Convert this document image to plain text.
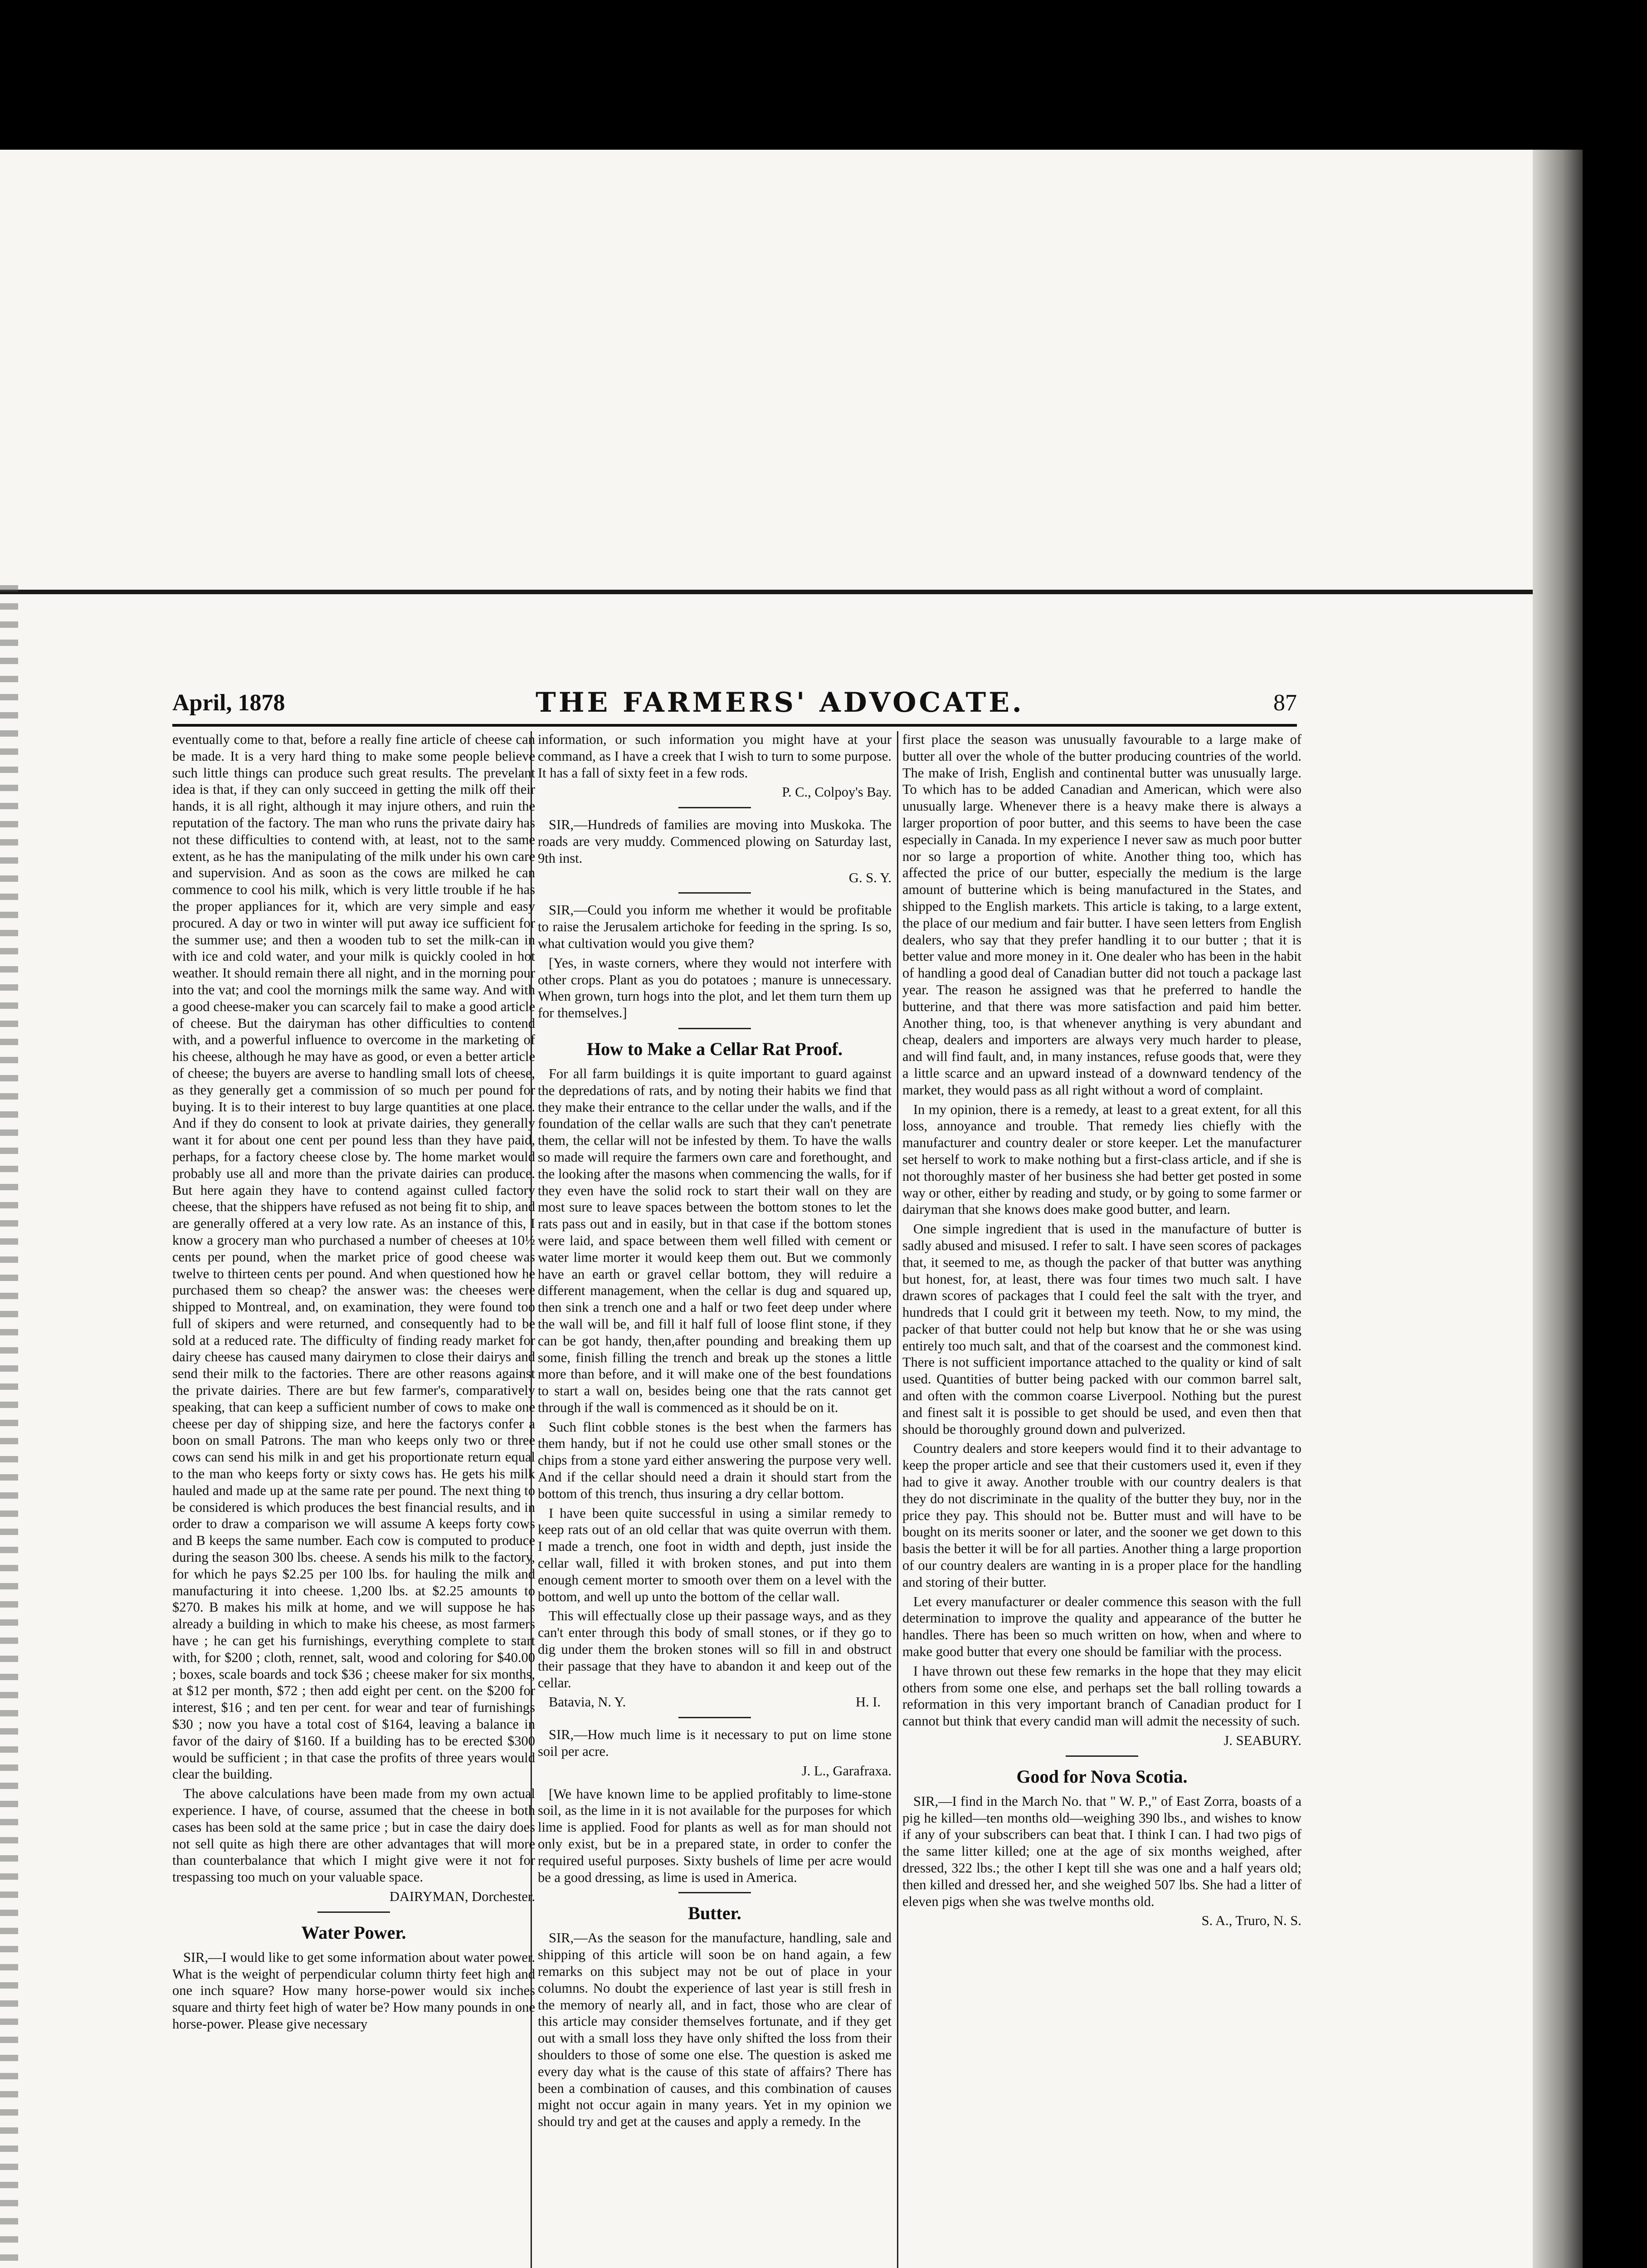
April, 1878	THE FARMERS' ADVOCATE.	87

eventually come to that, before a really fine article of cheese can be made. It is a very hard thing to make some people believe such little things can produce such great results. The prevelant idea is that, if they can only succeed in getting the milk off their hands, it is all right, although it may injure others, and ruin the reputation of the factory. The man who runs the private dairy has not these difficulties to contend with, at least, not to the same extent, as he has the manipulating of the milk under his own care and supervision. And as soon as the cows are milked he can commence to cool his milk, which is very little trouble if he has the proper appliances for it, which are very simple and easy procured. A day or two in winter will put away ice sufficient for the summer use; and then a wooden tub to set the milk-can in with ice and cold water, and your milk is quickly cooled in hot weather. It should remain there all night, and in the morning pour into the vat; and cool the mornings milk the same way. And with a good cheese-maker you can scarcely fail to make a good article of cheese. But the dairyman has other difficulties to contend with, and a powerful influence to overcome in the marketing of his cheese, although he may have as good, or even a better article of cheese; the buyers are averse to handling small lots of cheese, as they generally get a commission of so much per pound for buying. It is to their interest to buy large quantities at one place. And if they do consent to look at private dairies, they generally want it for about one cent per pound less than they have paid, perhaps, for a factory cheese close by. The home market would probably use all and more than the private dairies can produce. But here again they have to contend against culled factory cheese, that the shippers have refused as not being fit to ship, and are generally offered at a very low rate. As an instance of this, I know a grocery man who purchased a number of cheeses at 10½ cents per pound, when the market price of good cheese was twelve to thirteen cents per pound. And when questioned how he purchased them so cheap? the answer was: the cheeses were shipped to Montreal, and, on examination, they were found too full of skipers and were returned, and consequently had to be sold at a reduced rate. The difficulty of finding ready market for dairy cheese has caused many dairymen to close their dairys and send their milk to the factories. There are other reasons against the private dairies. There are but few farmer's, comparatively speaking, that can keep a sufficient number of cows to make one cheese per day of shipping size, and here the factorys confer a boon on small Patrons. The man who keeps only two or three cows can send his milk in and get his proportionate return equal to the man who keeps forty or sixty cows has. He gets his milk hauled and made up at the same rate per pound. The next thing to be considered is which produces the best financial results, and in order to draw a comparison we will assume A keeps forty cows and B keeps the same number. Each cow is computed to produce during the season 300 lbs. cheese. A sends his milk to the factory, for which he pays $2.25 per 100 lbs. for hauling the milk and manufacturing it into cheese. 1,200 lbs. at $2.25 amounts to $270. B makes his milk at home, and we will suppose he has already a building in which to make his cheese, as most farmers have ; he can get his furnishings, everything complete to start with, for $200 ; cloth, rennet, salt, wood and coloring for $40.00 ; boxes, scale boards and tock $36 ; cheese maker for six months, at $12 per month, $72 ; then add eight per cent. on the $200 for interest, $16 ; and ten per cent. for wear and tear of furnishings $30 ; now you have a total cost of $164, leaving a balance in favor of the dairy of $160. If a building has to be erected $300 would be sufficient ; in that case the profits of three years would clear the building.

The above calculations have been made from my own actual experience. I have, of course, assumed that the cheese in both cases has been sold at the same price ; but in case the dairy does not sell quite as high there are other advantages that will more than counterbalance that which I might give were it not for trespassing too much on your valuable space.

DAIRYMAN, Dorchester.

Water Power.

SIR,—I would like to get some information about water power. What is the weight of perpendicular column thirty feet high and one inch square? How many horse-power would six inches square and thirty feet high of water be? How many pounds in one horse-power. Please give necessary

information, or such information you might have at your command, as I have a creek that I wish to turn to some purpose. It has a fall of sixty feet in a few rods.

P. C., Colpoy's Bay.

SIR,—Hundreds of families are moving into Muskoka. The roads are very muddy. Commenced plowing on Saturday last, 9th inst.

G. S. Y.

SIR,—Could you inform me whether it would be profitable to raise the Jerusalem artichoke for feeding in the spring. Is so, what cultivation would you give them?

[Yes, in waste corners, where they would not interfere with other crops. Plant as you do potatoes ; manure is unnecessary. When grown, turn hogs into the plot, and let them turn them up for themselves.]

How to Make a Cellar Rat Proof.

For all farm buildings it is quite important to guard against the depredations of rats, and by noting their habits we find that they make their entrance to the cellar under the walls, and if the foundation of the cellar walls are such that they can't penetrate them, the cellar will not be infested by them. To have the walls so made will require the farmers own care and forethought, and the looking after the masons when commencing the walls, for if they even have the solid rock to start their wall on they are most sure to leave spaces between the bottom stones to let the rats pass out and in easily, but in that case if the bottom stones were laid, and space between them well filled with cement or water lime morter it would keep them out. But we commonly have an earth or gravel cellar bottom, they will reduire a different management, when the cellar is dug and squared up, then sink a trench one and a half or two feet deep under where the wall will be, and fill it half full of loose flint stone, if they can be got handy, then,after pounding and breaking them up some, finish filling the trench and break up the stones a little more than before, and it will make one of the best foundations to start a wall on, besides being one that the rats cannot get through if the wall is commenced as it should be on it.

Such flint cobble stones is the best when the farmers has them handy, but if not he could use other small stones or the chips from a stone yard either answering the purpose very well. And if the cellar should need a drain it should start from the bottom of this trench, thus insuring a dry cellar bottom.

I have been quite successful in using a similar remedy to keep rats out of an old cellar that was quite overrun with them. I made a trench, one foot in width and depth, just inside the cellar wall, filled it with broken stones, and put into them enough cement morter to smooth over them on a level with the bottom, and well up unto the bottom of the cellar wall.

This will effectually close up their passage ways, and as they can't enter through this body of small stones, or if they go to dig under them the broken stones will so fill in and obstruct their passage that they have to abandon it and keep out of the cellar.

Batavia, N. Y.	H. I.

SIR,—How much lime is it necessary to put on lime stone soil per acre.

J. L., Garafraxa.

[We have known lime to be applied profitably to lime-stone soil, as the lime in it is not available for the purposes for which lime is applied. Food for plants as well as for man should not only exist, but be in a prepared state, in order to confer the required useful purposes. Sixty bushels of lime per acre would be a good dressing, as lime is used in America.

Butter.

SIR,—As the season for the manufacture, handling, sale and shipping of this article will soon be on hand again, a few remarks on this subject may not be out of place in your columns. No doubt the experience of last year is still fresh in the memory of nearly all, and in fact, those who are clear of this article may consider themselves fortunate, and if they get out with a small loss they have only shifted the loss from their shoulders to those of some one else. The question is asked me every day what is the cause of this state of affairs? There has been a combination of causes, and this combination of causes might not occur again in many years. Yet in my opinion we should try and get at the causes and apply a remedy. In the

first place the season was unusually favourable to a large make of butter all over the whole of the butter producing countries of the world. The make of Irish, English and continental butter was unusually large. To which has to be added Canadian and American, which were also unusually large. Whenever there is a heavy make there is always a larger proportion of poor butter, and this seems to have been the case especially in Canada. In my experience I never saw as much poor butter nor so large a proportion of white. Another thing too, which has affected the price of our butter, especially the medium is the large amount of butterine which is being manufactured in the States, and shipped to the English markets. This article is taking, to a large extent, the place of our medium and fair butter. I have seen letters from English dealers, who say that they prefer handling it to our butter ; that it is better value and more money in it. One dealer who has been in the habit of handling a good deal of Canadian butter did not touch a package last year. The reason he assigned was that he preferred to handle the butterine, and that there was more satisfaction and paid him better. Another thing, too, is that whenever anything is very abundant and cheap, dealers and importers are always very much harder to please, and will find fault, and, in many instances, refuse goods that, were they a little scarce and an upward instead of a downward tendency of the market, they would pass as all right without a word of complaint.

In my opinion, there is a remedy, at least to a great extent, for all this loss, annoyance and trouble. That remedy lies chiefly with the manufacturer and country dealer or store keeper. Let the manufacturer set herself to work to make nothing but a first-class article, and if she is not thoroughly master of her business she had better get posted in some way or other, either by reading and study, or by going to some farmer or dairyman that she knows does make good butter, and learn.

One simple ingredient that is used in the manufacture of butter is sadly abused and misused. I refer to salt. I have seen scores of packages that, it seemed to me, as though the packer of that butter was anything but honest, for, at least, there was four times two much salt. I have drawn scores of packages that I could feel the salt with the tryer, and hundreds that I could grit it between my teeth. Now, to my mind, the packer of that butter could not help but know that he or she was using entirely too much salt, and that of the coarsest and the commonest kind. There is not sufficient importance attached to the quality or kind of salt used. Quantities of butter being packed with our common barrel salt, and often with the common coarse Liverpool. Nothing but the purest and finest salt it is possible to get should be used, and even then that should be thoroughly ground down and pulverized.

Country dealers and store keepers would find it to their advantage to keep the proper article and see that their customers used it, even if they had to give it away. Another trouble with our country dealers is that they do not discriminate in the quality of the butter they buy, nor in the price they pay. This should not be. Butter must and will have to be bought on its merits sooner or later, and the sooner we get down to this basis the better it will be for all parties. Another thing a large proportion of our country dealers are wanting in is a proper place for the handling and storing of their butter.

Let every manufacturer or dealer commence this season with the full determination to improve the quality and appearance of the butter he handles. There has been so much written on how, when and where to make good butter that every one should be familiar with the process.

I have thrown out these few remarks in the hope that they may elicit others from some one else, and perhaps set the ball rolling towards a reformation in this very important branch of Canadian product for I cannot but think that every candid man will admit the necessity of such.

J. SEABURY.

Good for Nova Scotia.

SIR,—I find in the March No. that " W. P.," of East Zorra, boasts of a pig he killed—ten months old—weighing 390 lbs., and wishes to know if any of your subscribers can beat that. I think I can. I had two pigs of the same litter killed; one at the age of six months weighed, after dressed, 322 lbs.; the other I kept till she was one and a half years old; then killed and dressed her, and she weighed 507 lbs. She had a litter of eleven pigs when she was twelve months old.

S. A., Truro, N. S.
